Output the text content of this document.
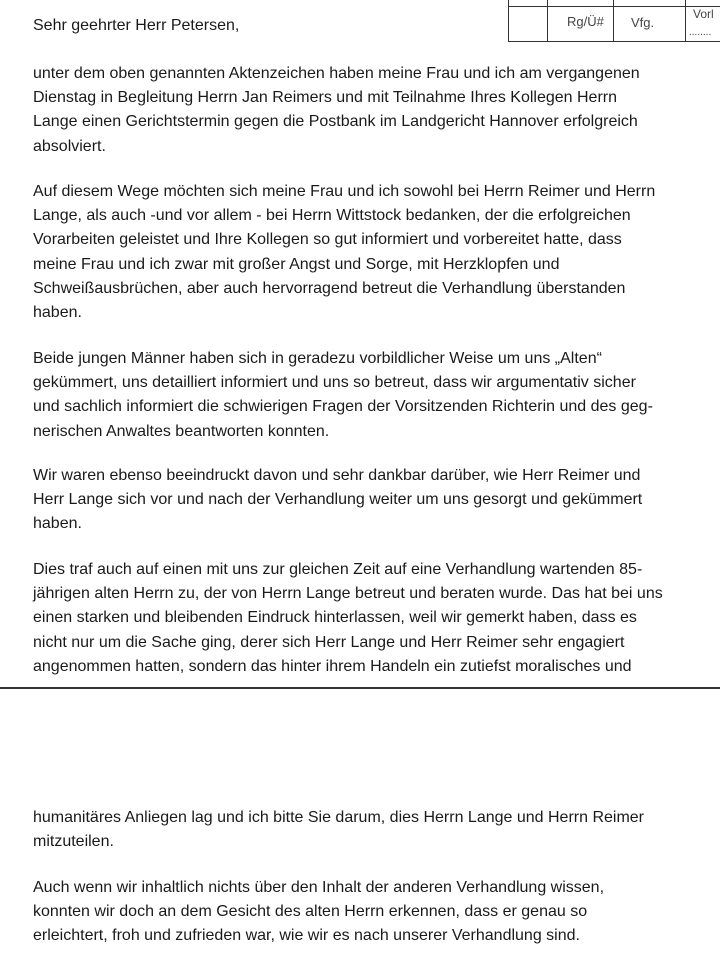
Rg/Ü# Vfg.
Vorl
........

Sehr geehrter Herr Petersen,

unter dem oben genannten Aktenzeichen haben meine Frau und ich am vergangenen
Dienstag in Begleitung Herrn Jan Reimers und mit Teilnahme Ihres Kollegen Herrn
Lange einen Gerichtstermin gegen die Postbank im Landgericht Hannover erfolgreich
absolviert.
Auf diesem Wege möchten sich meine Frau und ich sowohl bei Herrn Reimer und Herrn
Lange, als auch -und vor allem - bei Herrn Wittstock bedanken, der die erfolgreichen
Vorarbeiten geleistet und Ihre Kollegen so gut informiert und vorbereitet hatte, dass
meine Frau und ich zwar mit großer Angst und Sorge, mit Herzklopfen und
Schweißausbrüchen, aber auch hervorragend betreut die Verhandlung überstanden
haben.
Beide jungen Männer haben sich in geradezu vorbildlicher Weise um uns „Alten“
gekümmert, uns detailliert informiert und uns so betreut, dass wir argumentativ sicher
und sachlich informiert die schwierigen Fragen der Vorsitzenden Richterin und des geg-
nerischen Anwaltes beantworten konnten.
Wir waren ebenso beeindruckt davon und sehr dankbar darüber, wie Herr Reimer und
Herr Lange sich vor und nach der Verhandlung weiter um uns gesorgt und gekümmert
haben.
Dies traf auch auf einen mit uns zur gleichen Zeit auf eine Verhandlung wartenden 85-
jährigen alten Herrn zu, der von Herrn Lange betreut und beraten wurde. Das hat bei uns
einen starken und bleibenden Eindruck hinterlassen, weil wir gemerkt haben, dass es
nicht nur um die Sache ging, derer sich Herr Lange und Herr Reimer sehr engagiert
angenommen hatten, sondern das hinter ihrem Handeln ein zutiefst moralisches und
humanitäres Anliegen lag und ich bitte Sie darum, dies Herrn Lange und Herrn Reimer
mitzuteilen.
Auch wenn wir inhaltlich nichts über den Inhalt der anderen Verhandlung wissen,
konnten wir doch an dem Gesicht des alten Herrn erkennen, dass er genau so
erleichtert, froh und zufrieden war, wie wir es nach unserer Verhandlung sind.
